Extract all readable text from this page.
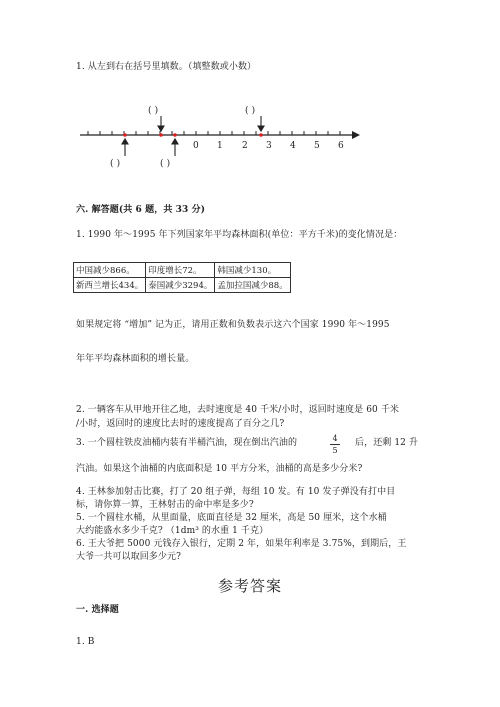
1. 从左到右在括号里填数。（填整数或小数）
( )	( )
( )	( )
0 1 2 3 4 5 6
六. 解答题(共 6 题，共 33 分)
1. 1990 年～1995 年下列国家年平均森林面积(单位：平方千米)的变化情况是：
中国减少866。	印度增长72。	韩国减少130。
新西兰增长434。	泰国减少3294。	孟加拉国减少88。
如果规定将 “增加” 记为正，请用正数和负数表示这六个国家 1990 年～1995
年年平均森林面积的增长量。
2. 一辆客车从甲地开往乙地，去时速度是 40 千米/小时，返回时速度是 60 千米
/小时，返回时的速度比去时的速度提高了百分之几?
3. 一个圆柱铁皮油桶内装有半桶汽油，现在倒出汽油的	4
5
后，还剩 12 升
汽油。如果这个油桶的内底面积是 10 平方分米，油桶的高是多少分米?
4. 王林参加射击比赛，打了 20 组子弹，每组 10 发。有 10 发子弹没有打中目
标，请你算一算，王林射击的命中率是多少?
5. 一个圆柱水桶，从里面量，底面直径是 32 厘米，高是 50 厘米，这个水桶
大约能盛水多少千克? （1dm³ 的水重 1 千克）
6. 王大爷把 5000 元钱存入银行，定期 2 年，如果年利率是 3.75%，到期后，王
大爷一共可以取回多少元?
参考答案
一. 选择题
1. B
